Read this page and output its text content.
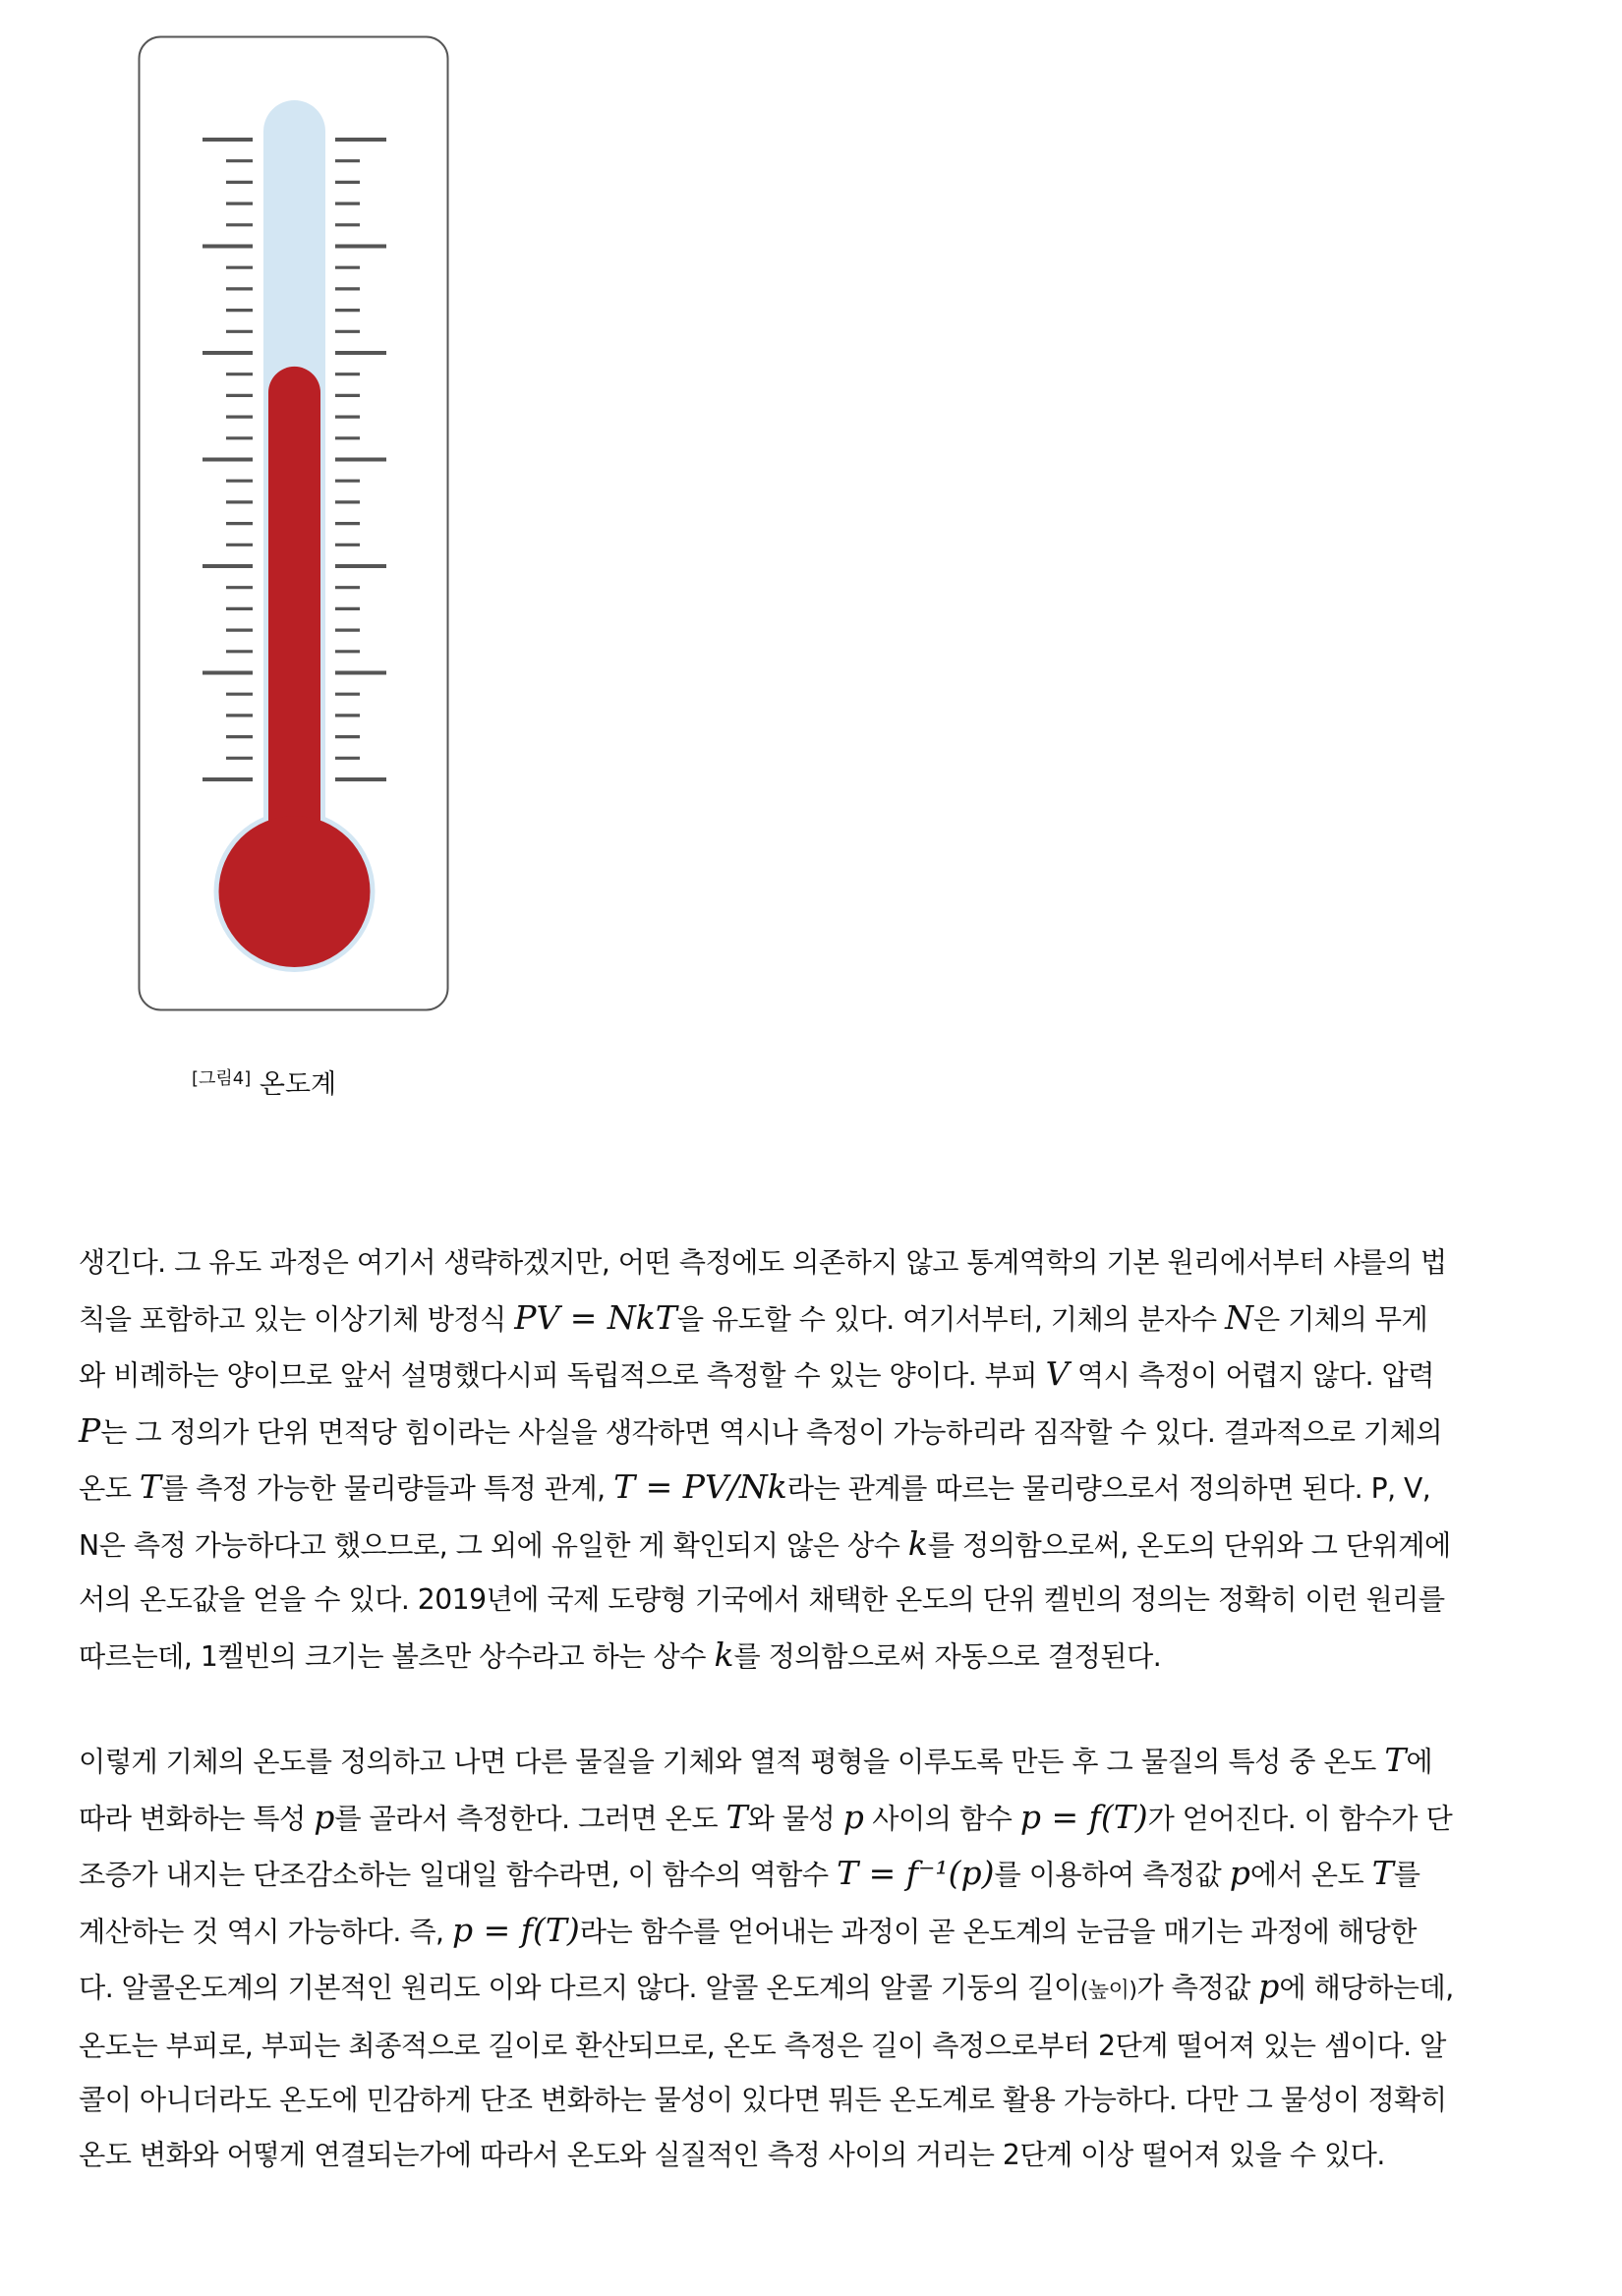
[그림4] 온도계
생긴다. 그 유도 과정은 여기서 생략하겠지만, 어떤 측정에도 의존하지 않고 통계역학의 기본 원리에서부터 샤를의 법
칙을 포함하고 있는 이상기체 방정식 PV = NkT을 유도할 수 있다. 여기서부터, 기체의 분자수 N은 기체의 무게
와 비례하는 양이므로 앞서 설명했다시피 독립적으로 측정할 수 있는 양이다. 부피 V 역시 측정이 어렵지 않다. 압력
P는 그 정의가 단위 면적당 힘이라는 사실을 생각하면 역시나 측정이 가능하리라 짐작할 수 있다. 결과적으로 기체의
온도 T를 측정 가능한 물리량들과 특정 관계, T = PV/Nk라는 관계를 따르는 물리량으로서 정의하면 된다. P, V,
N은 측정 가능하다고 했으므로, 그 외에 유일한 게 확인되지 않은 상수 k를 정의함으로써, 온도의 단위와 그 단위계에
서의 온도값을 얻을 수 있다. 2019년에 국제 도량형 기국에서 채택한 온도의 단위 켈빈의 정의는 정확히 이런 원리를
따르는데, 1켈빈의 크기는 볼츠만 상수라고 하는 상수 k를 정의함으로써 자동으로 결정된다.
이렇게 기체의 온도를 정의하고 나면 다른 물질을 기체와 열적 평형을 이루도록 만든 후 그 물질의 특성 중 온도 T에
따라 변화하는 특성 p를 골라서 측정한다. 그러면 온도 T와 물성 p 사이의 함수 p = f(T)가 얻어진다. 이 함수가 단
조증가 내지는 단조감소하는 일대일 함수라면, 이 함수의 역함수 T = f⁻¹(p)를 이용하여 측정값 p에서 온도 T를
계산하는 것 역시 가능하다. 즉, p = f(T)라는 함수를 얻어내는 과정이 곧 온도계의 눈금을 매기는 과정에 해당한
다. 알콜온도계의 기본적인 원리도 이와 다르지 않다. 알콜 온도계의 알콜 기둥의 길이(높이)가 측정값 p에 해당하는데,
온도는 부피로, 부피는 최종적으로 길이로 환산되므로, 온도 측정은 길이 측정으로부터 2단계 떨어져 있는 셈이다. 알
콜이 아니더라도 온도에 민감하게 단조 변화하는 물성이 있다면 뭐든 온도계로 활용 가능하다. 다만 그 물성이 정확히
온도 변화와 어떻게 연결되는가에 따라서 온도와 실질적인 측정 사이의 거리는 2단계 이상 떨어져 있을 수 있다.
